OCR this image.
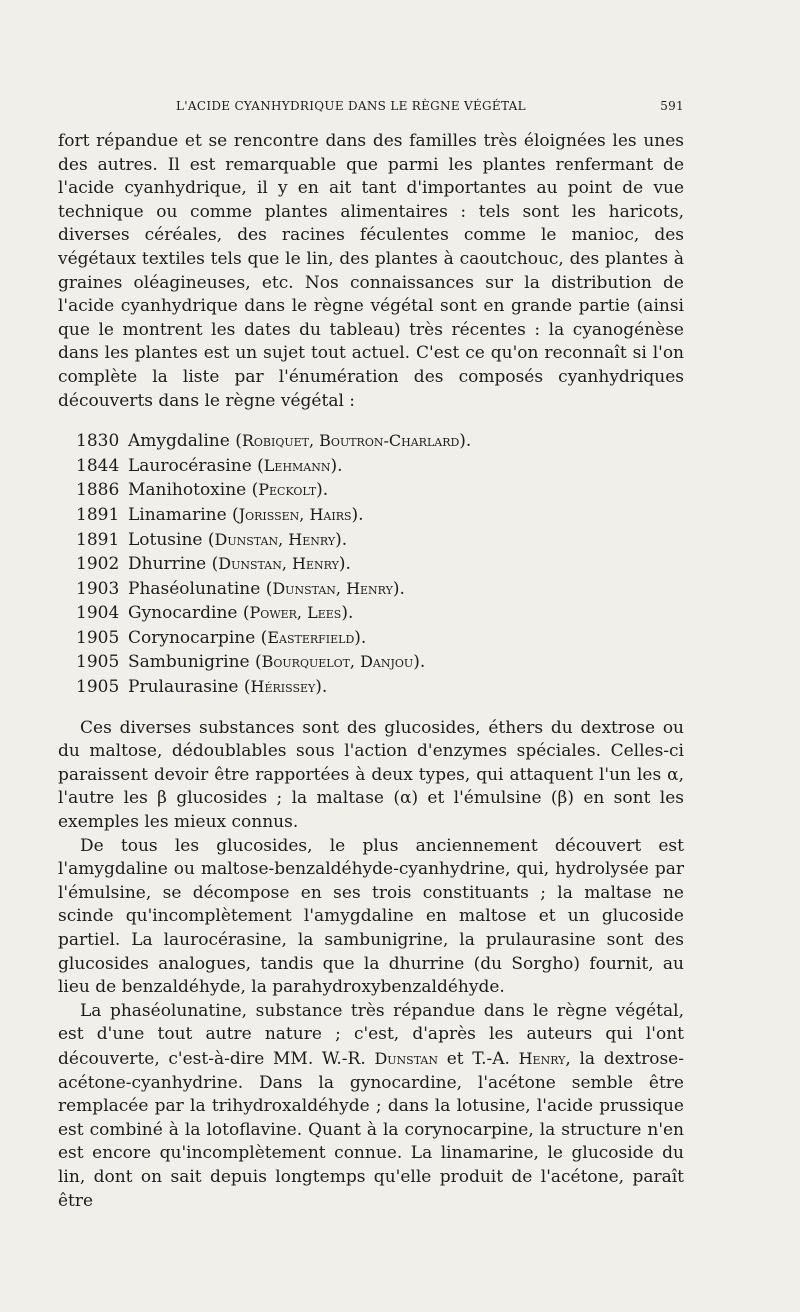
L'ACIDE CYANHYDRIQUE DANS LE RÈGNE VÉGÉTAL	591

fort répandue et se rencontre dans des familles très éloignées les unes des autres. Il est remarquable que parmi les plantes renfermant de l'acide cyanhydrique, il y en ait tant d'importantes au point de vue technique ou comme plantes alimentaires : tels sont les haricots, diverses céréales, des racines féculentes comme le manioc, des végétaux textiles tels que le lin, des plantes à caoutchouc, des plantes à graines oléagineuses, etc. Nos connaissances sur la distribution de l'acide cyanhydrique dans le règne végétal sont en grande partie (ainsi que le montrent les dates du tableau) très récentes : la cyanogénèse dans les plantes est un sujet tout actuel. C'est ce qu'on reconnaît si l'on complète la liste par l'énumération des composés cyanhydriques découverts dans le règne végétal :

1830 Amygdaline (Robiquet, Boutron-Charlard).
1844 Laurocérasine (Lehmann).
1886 Manihotoxine (Peckolt).
1891 Linamarine (Jorissen, Hairs).
1891 Lotusine (Dunstan, Henry).
1902 Dhurrine (Dunstan, Henry).
1903 Phaséolunatine (Dunstan, Henry).
1904 Gynocardine (Power, Lees).
1905 Corynocarpine (Easterfield).
1905 Sambunigrine (Bourquelot, Danjou).
1905 Prulaurasine (Hérissey).

Ces diverses substances sont des glucosides, éthers du dextrose ou du maltose, dédoublables sous l'action d'enzymes spéciales. Celles-ci paraissent devoir être rapportées à deux types, qui attaquent l'un les α, l'autre les β glucosides ; la maltase (α) et l'émulsine (β) en sont les exemples les mieux connus.

De tous les glucosides, le plus anciennement découvert est l'amygdaline ou maltose-benzaldéhyde-cyanhydrine, qui, hydrolysée par l'émulsine, se décompose en ses trois constituants ; la maltase ne scinde qu'incomplètement l'amygdaline en maltose et un glucoside partiel. La laurocérasine, la sambunigrine, la prulaurasine sont des glucosides analogues, tandis que la dhurrine (du Sorgho) fournit, au lieu de benzaldéhyde, la parahydroxybenzaldéhyde.

La phaséolunatine, substance très répandue dans le règne végétal, est d'une tout autre nature ; c'est, d'après les auteurs qui l'ont découverte, c'est-à-dire MM. W.-R. Dunstan et T.-A. Henry, la dextrose-acétone-cyanhydrine. Dans la gynocardine, l'acétone semble être remplacée par la trihydroxaldéhyde ; dans la lotusine, l'acide prussique est combiné à la lotoflavine. Quant à la corynocarpine, la structure n'en est encore qu'incomplètement connue. La linamarine, le glucoside du lin, dont on sait depuis longtemps qu'elle produit de l'acétone, paraît être
